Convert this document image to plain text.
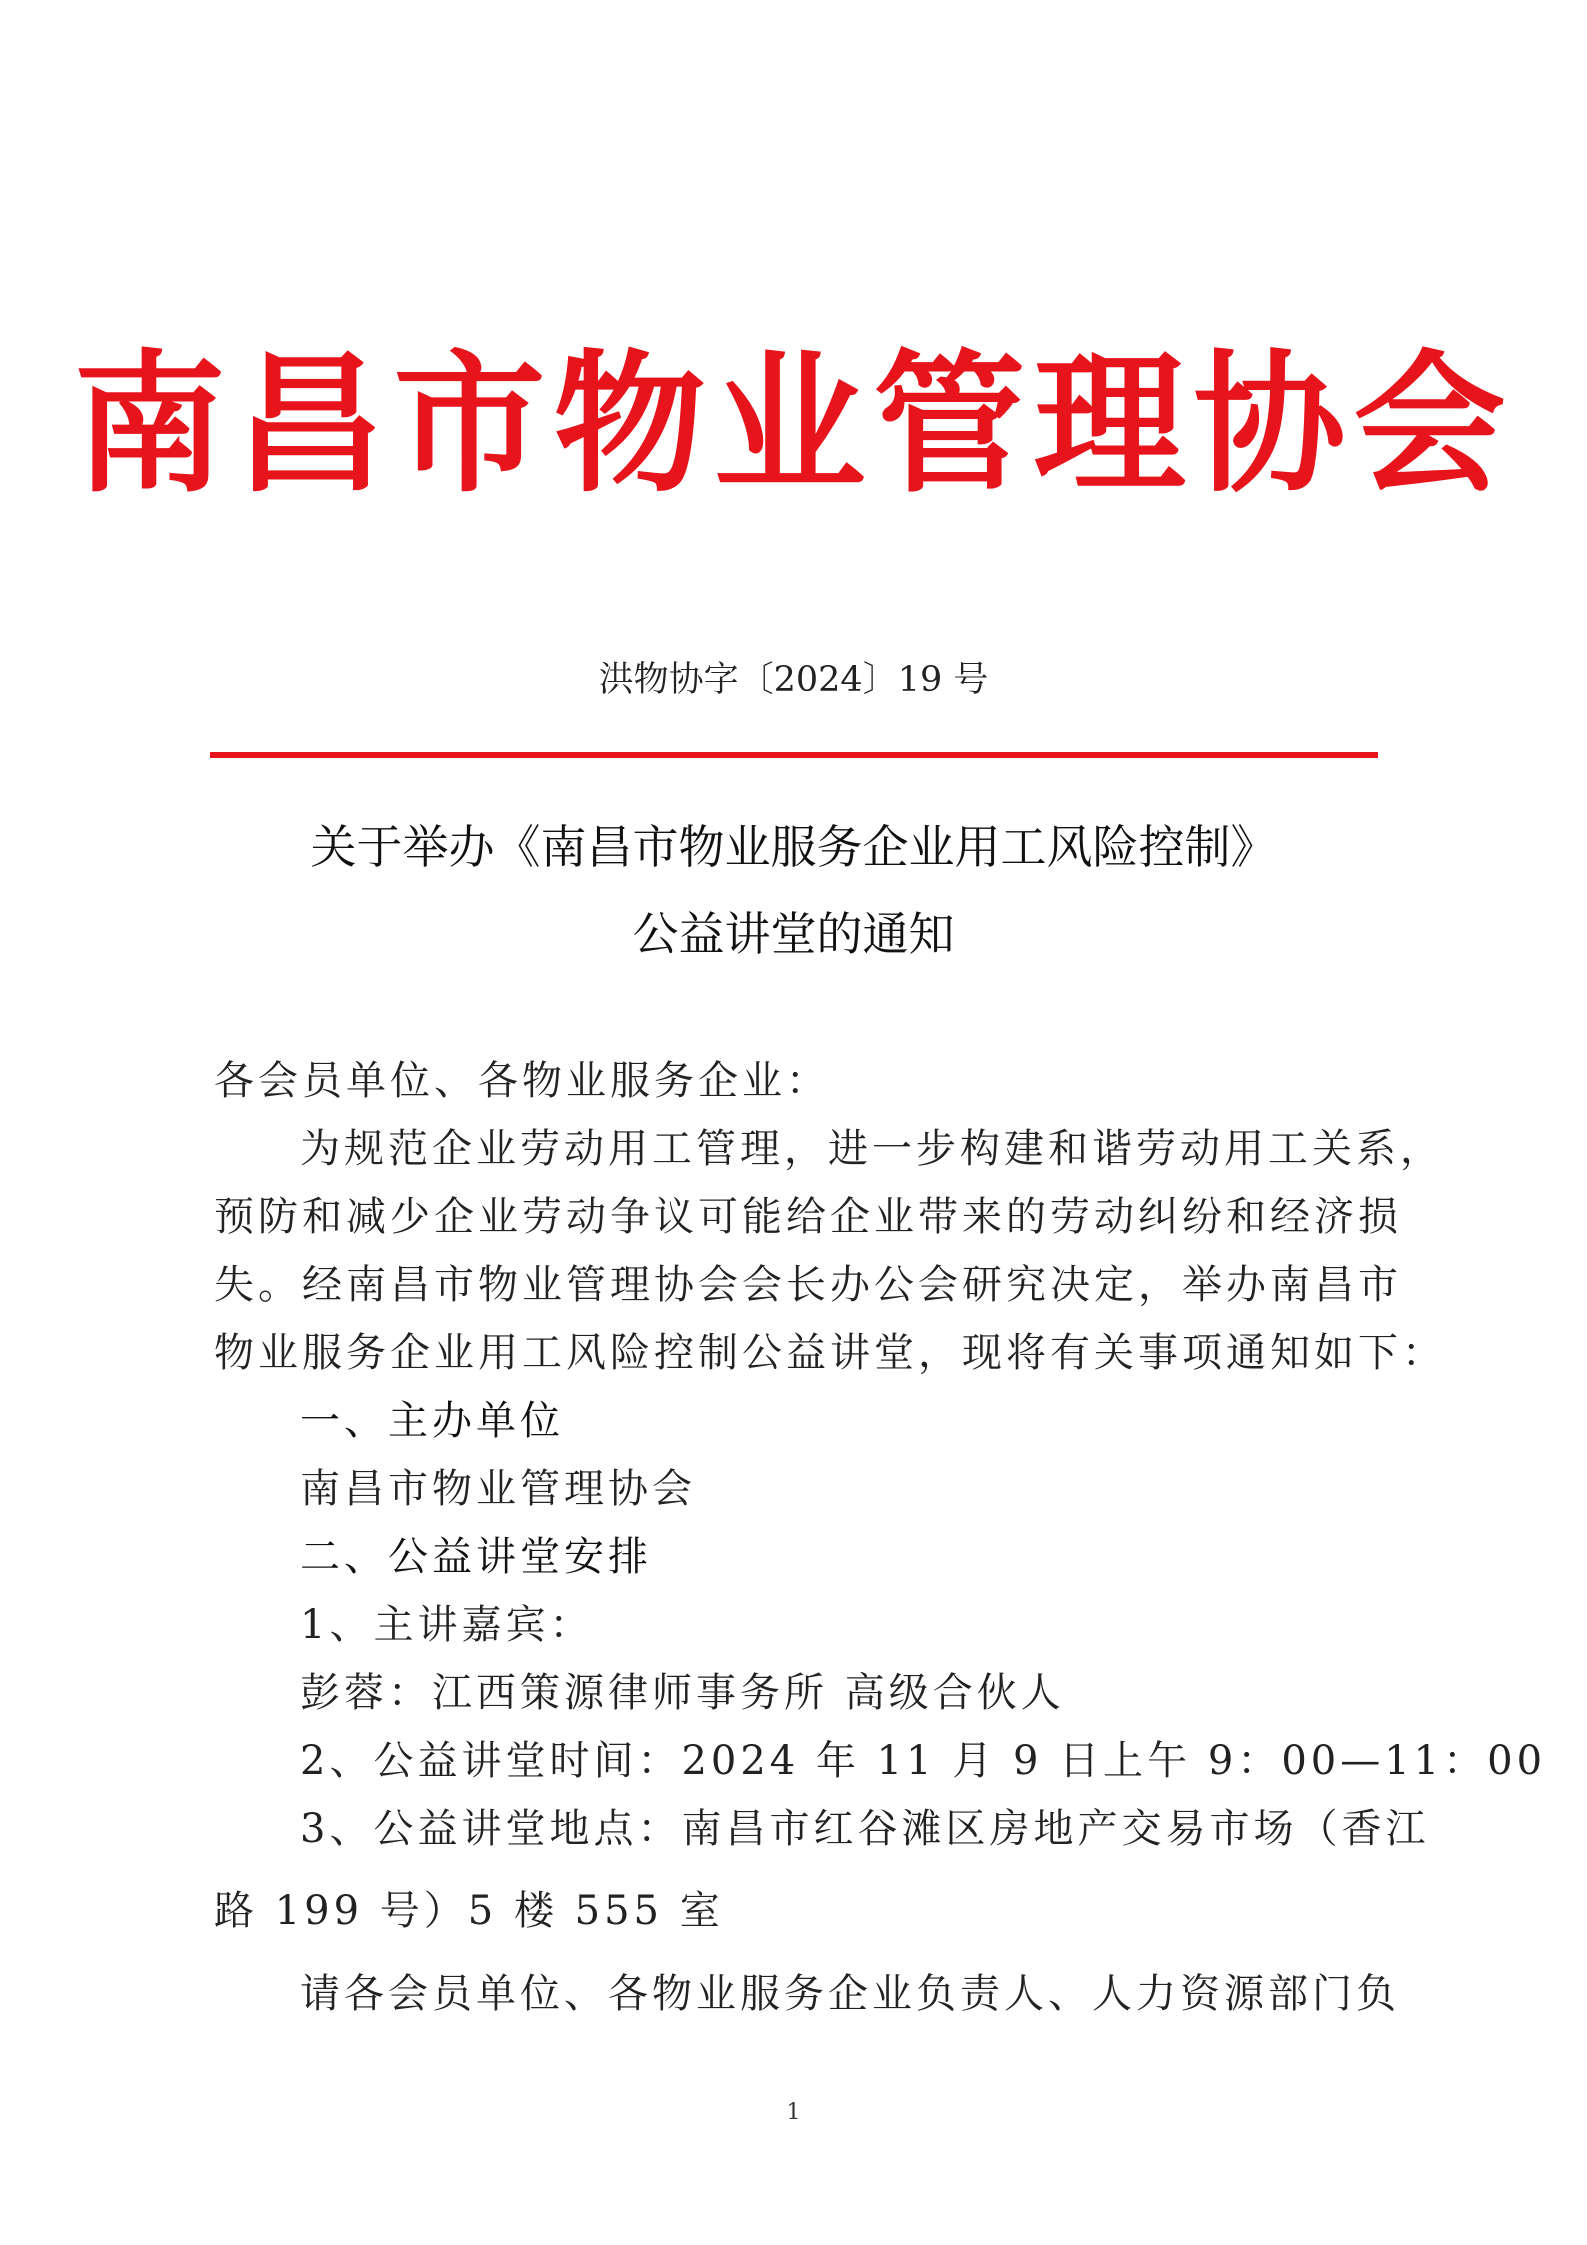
南昌市物业管理协会
洪物协字〔2024〕19 号
关于举办《南昌市物业服务企业用工风险控制》
公益讲堂的通知
各会员单位、各物业服务企业：
为规范企业劳动用工管理，进一步构建和谐劳动用工关系，
预防和减少企业劳动争议可能给企业带来的劳动纠纷和经济损
失。经南昌市物业管理协会会长办公会研究决定，举办南昌市
物业服务企业用工风险控制公益讲堂，现将有关事项通知如下：
一、主办单位
南昌市物业管理协会
二、公益讲堂安排
1、主讲嘉宾：
彭蓉：江西策源律师事务所 高级合伙人
2、公益讲堂时间：2024 年 11 月 9 日上午 9：00—11：00
3、公益讲堂地点：南昌市红谷滩区房地产交易市场（香江
路 199 号）5 楼 555 室
请各会员单位、各物业服务企业负责人、人力资源部门负
1
